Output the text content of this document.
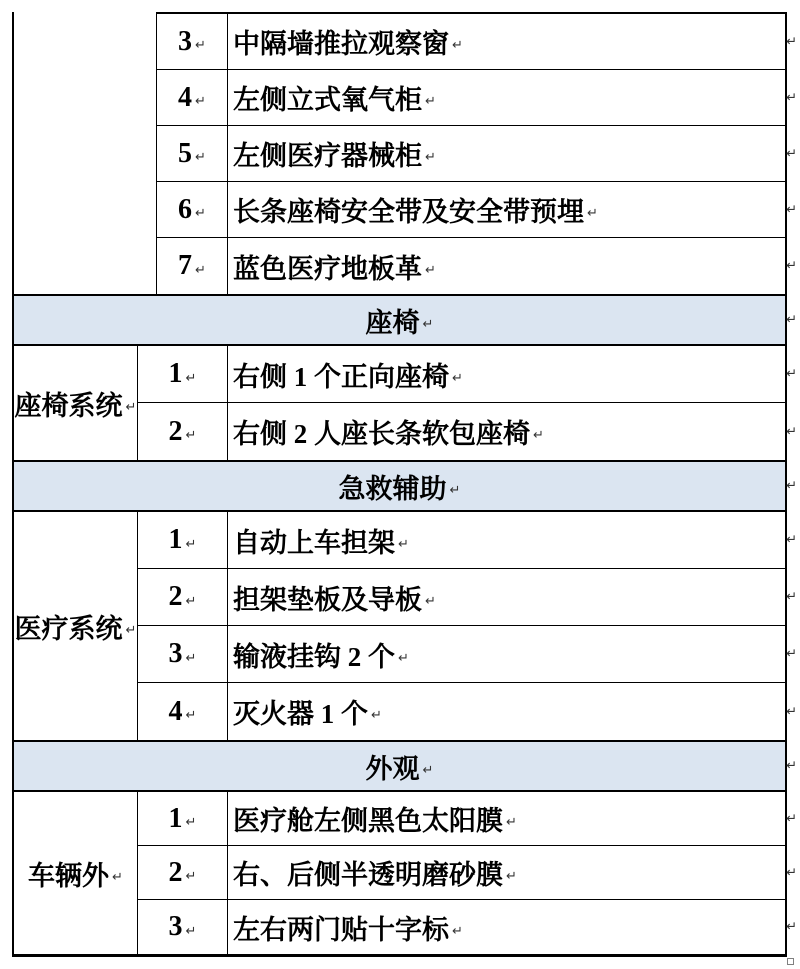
3 ↵ 中隔墙推拉观察窗 ↵	↵
4 ↵ 左侧立式氧气柜 ↵	↵
5 ↵ 左侧医疗器械柜 ↵	↵
6 ↵ 长条座椅安全带及安全带预埋 ↵	↵
7 ↵ 蓝色医疗地板革 ↵	↵
座椅 ↵	↵
座椅系统 ↵
1 ↵ 右侧 1 个正向座椅 ↵	↵
2 ↵ 右侧 2 人座长条软包座椅 ↵	↵
急救辅助 ↵	↵
医疗系统 ↵
1 ↵ 自动上车担架 ↵	↵
2 ↵ 担架垫板及导板 ↵	↵
3 ↵ 输液挂钩 2 个 ↵	↵
4 ↵ 灭火器 1 个 ↵	↵
外观 ↵	↵
车辆外 ↵
1 ↵ 医疗舱左侧黑色太阳膜 ↵	↵
2 ↵ 右、后侧半透明磨砂膜 ↵	↵
3 ↵ 左右两门贴十字标 ↵	↵
